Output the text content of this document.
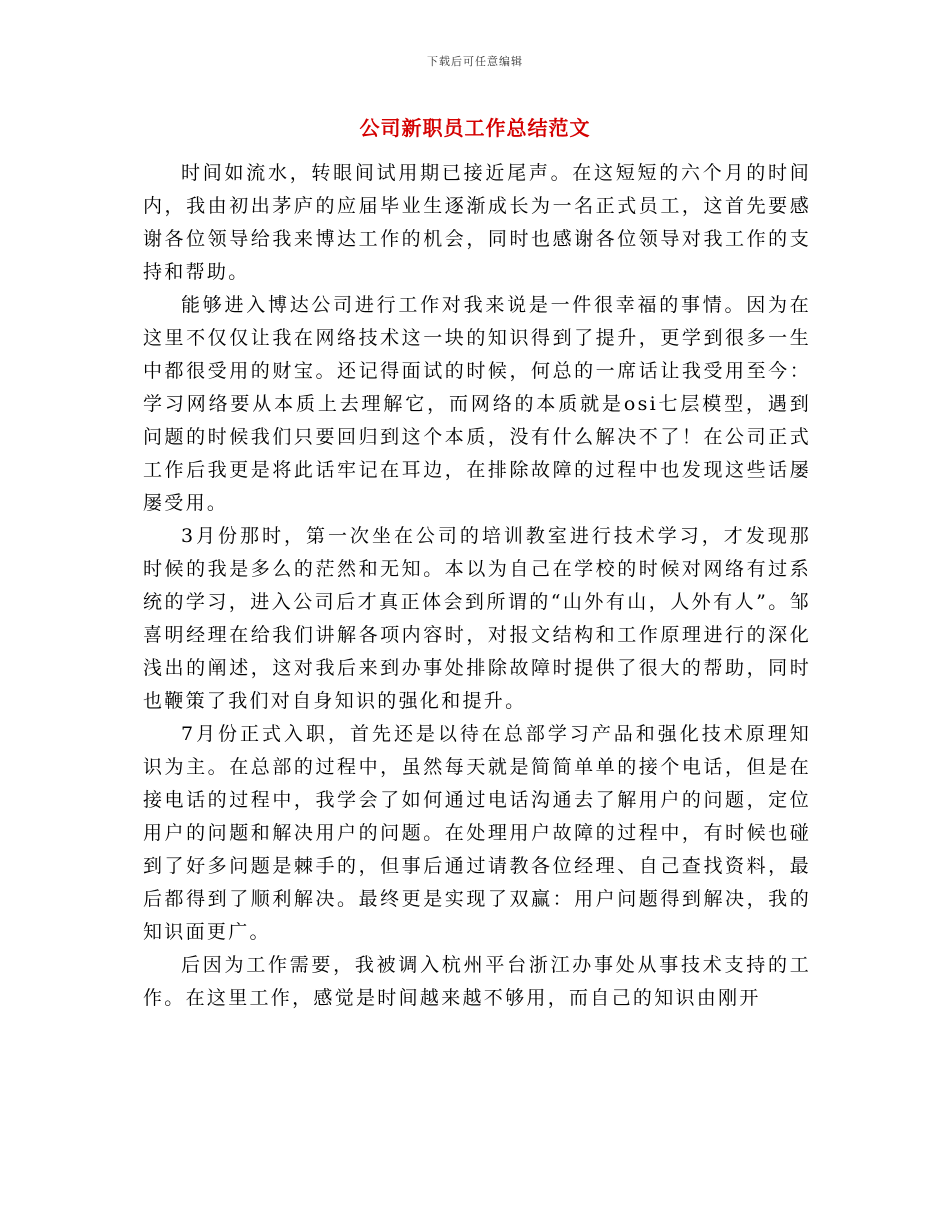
下载后可任意编辑
公司新职员工作总结范文

时间如流水，转眼间试用期已接近尾声。在这短短的六个月的时间内，我由初出茅庐的应届毕业生逐渐成长为一名正式员工，这首先要感谢各位领导给我来博达工作的机会，同时也感谢各位领导对我工作的支持和帮助。

能够进入博达公司进行工作对我来说是一件很幸福的事情。因为在这里不仅仅让我在网络技术这一块的知识得到了提升，更学到很多一生中都很受用的财宝。还记得面试的时候，何总的一席话让我受用至今：学习网络要从本质上去理解它，而网络的本质就是osi七层模型，遇到问题的时候我们只要回归到这个本质，没有什么解决不了！在公司正式工作后我更是将此话牢记在耳边，在排除故障的过程中也发现这些话屡屡受用。

3月份那时，第一次坐在公司的培训教室进行技术学习，才发现那时候的我是多么的茫然和无知。本以为自己在学校的时候对网络有过系统的学习，进入公司后才真正体会到所谓的“山外有山，人外有人”。邹喜明经理在给我们讲解各项内容时，对报文结构和工作原理进行的深化浅出的阐述，这对我后来到办事处排除故障时提供了很大的帮助，同时也鞭策了我们对自身知识的强化和提升。

7月份正式入职，首先还是以待在总部学习产品和强化技术原理知识为主。在总部的过程中，虽然每天就是简简单单的接个电话，但是在接电话的过程中，我学会了如何通过电话沟通去了解用户的问题，定位用户的问题和解决用户的问题。在处理用户故障的过程中，有时候也碰到了好多问题是棘手的，但事后通过请教各位经理、自己查找资料，最后都得到了顺利解决。最终更是实现了双赢：用户问题得到解决，我的知识面更广。

后因为工作需要，我被调入杭州平台浙江办事处从事技术支持的工作。在这里工作，感觉是时间越来越不够用，而自己的知识由刚开
